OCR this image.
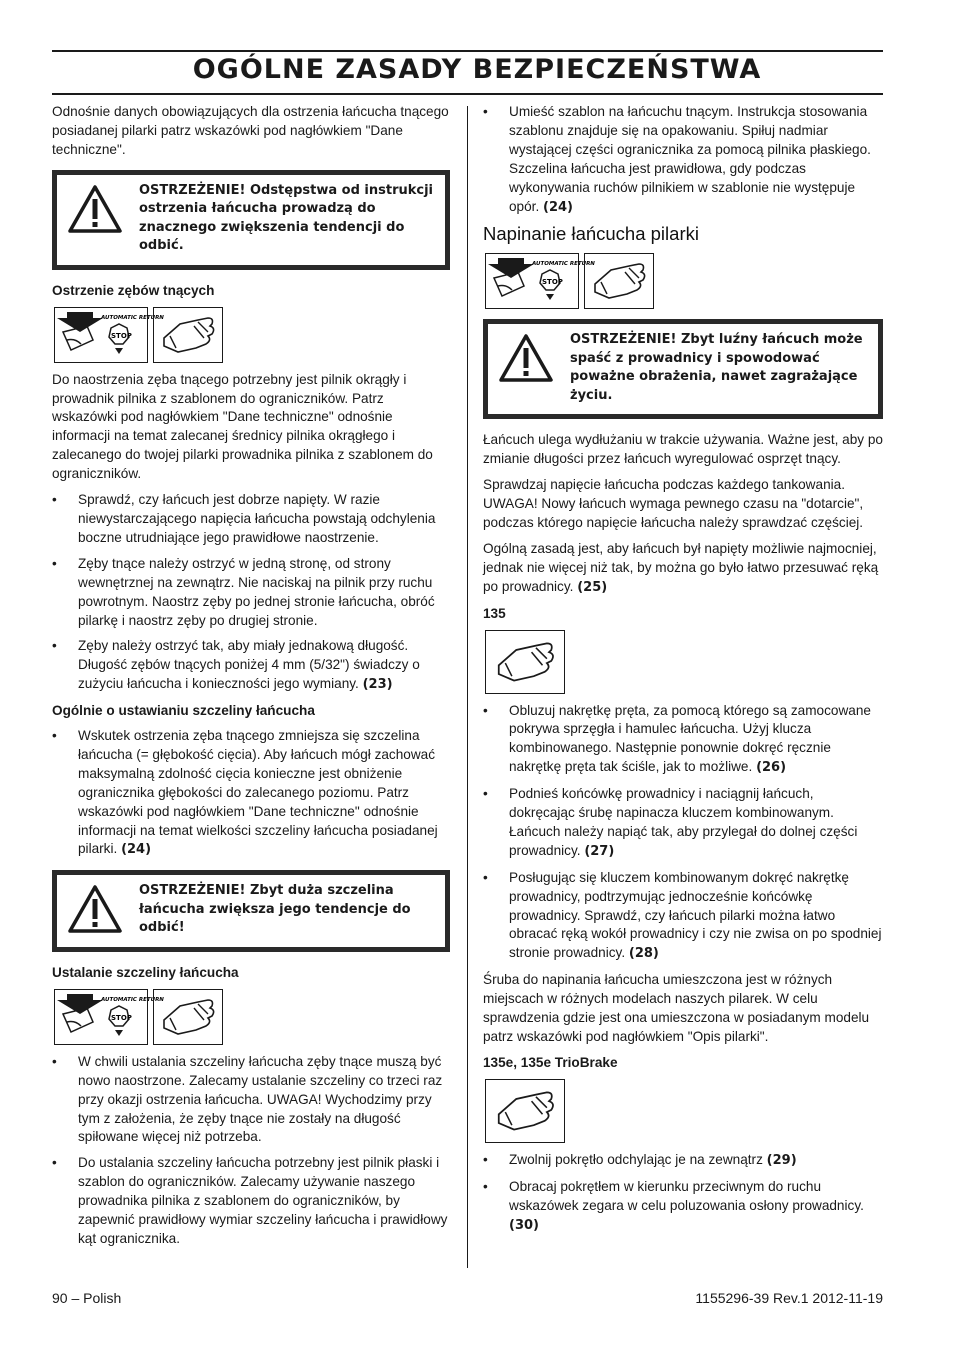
OGÓLNE ZASADY BEZPIECZEŃSTWA

Odnośnie danych obowiązujących dla ostrzenia łańcucha tnącego posiadanej pilarki patrz wskazówki pod nagłówkiem "Dane techniczne".

OSTRZEŻENIE! Odstępstwa od instrukcji ostrzenia łańcucha prowadzą do znacznego zwiększenia tendencji do odbić.
Ostrzenie zębów tnących
AUTOMATIC RETURN
STOP

Do naostrzenia zęba tnącego potrzebny jest pilnik okrągły i prowadnik pilnika z szablonem do ograniczników. Patrz wskazówki pod nagłówkiem "Dane techniczne" odnośnie informacji na temat zalecanej średnicy pilnika okrągłego i zalecanego do twojej pilarki prowadnika pilnika z szablonem do ograniczników.

• Sprawdź, czy łańcuch jest dobrze napięty. W razie niewystarczającego napięcia łańcucha powstają odchylenia boczne utrudniające jego prawidłowe naostrzenie.
• Zęby tnące należy ostrzyć w jedną stronę, od strony wewnętrznej na zewnątrz. Nie naciskaj na pilnik przy ruchu powrotnym. Naostrz zęby po jednej stronie łańcucha, obróć pilarkę i naostrz zęby po drugiej stronie.
• Zęby należy ostrzyć tak, aby miały jednakową długość. Długość zębów tnących poniżej 4 mm (5/32") świadczy o zużyciu łańcucha i konieczności jego wymiany. (23)
Ogólnie o ustawianiu szczeliny łańcucha
• Wskutek ostrzenia zęba tnącego zmniejsza się szczelina łańcucha (= głębokość cięcia). Aby łańcuch mógł zachować maksymalną zdolność cięcia konieczne jest obniżenie ogranicznika głębokości do zalecanego poziomu. Patrz wskazówki pod nagłówkiem "Dane techniczne" odnośnie informacji na temat wielkości szczeliny łańcucha posiadanej pilarki. (24)
OSTRZEŻENIE! Zbyt duża szczelina łańcucha zwiększa jego tendencje do odbić!
Ustalanie szczeliny łańcucha
AUTOMATIC RETURN
STOP
• W chwili ustalania szczeliny łańcucha zęby tnące muszą być nowo naostrzone. Zalecamy ustalanie szczeliny co trzeci raz przy okazji ostrzenia łańcucha. UWAGA! Wychodzimy przy tym z założenia, że zęby tnące nie zostały na długość spiłowane więcej niż potrzeba.
• Do ustalania szczeliny łańcucha potrzebny jest pilnik płaski i szablon do ograniczników. Zalecamy używanie naszego prowadnika pilnika z szablonem do ograniczników, by zapewnić prawidłowy wymiar szczeliny łańcucha i prawidłowy kąt ogranicznika.
• Umieść szablon na łańcuchu tnącym. Instrukcja stosowania szablonu znajduje się na opakowaniu. Spiłuj nadmiar wystającej części ogranicznika za pomocą pilnika płaskiego. Szczelina łańcucha jest prawidłowa, gdy podczas wykonywania ruchów pilnikiem w szablonie nie występuje opór. (24)
Napinanie łańcucha pilarki
AUTOMATIC RETURN
STOP
OSTRZEŻENIE! Zbyt luźny łańcuch może spaść z prowadnicy i spowodować poważne obrażenia, nawet zagrażające życiu.

Łańcuch ulega wydłużaniu w trakcie używania. Ważne jest, aby po zmianie długości przez łańcuch wyregulować osprzęt tnący.

Sprawdzaj napięcie łańcucha podczas każdego tankowania. UWAGA! Nowy łańcuch wymaga pewnego czasu na "dotarcie", podczas którego napięcie łańcucha należy sprawdzać częściej.

Ogólną zasadą jest, aby łańcuch był napięty możliwie najmocniej, jednak nie więcej niż tak, by można go było łatwo przesuwać ręką po prowadnicy. (25)

135
• Obluzuj nakrętkę pręta, za pomocą którego są zamocowane pokrywa sprzęgła i hamulec łańcucha. Użyj klucza kombinowanego. Następnie ponownie dokręć ręcznie nakrętkę pręta tak ściśle, jak to możliwe. (26)
• Podnieś końcówkę prowadnicy i naciągnij łańcuch, dokręcając śrubę napinacza kluczem kombinowanym. Łańcuch należy napiąć tak, aby przylegał do dolnej części prowadnicy. (27)
• Posługując się kluczem kombinowanym dokręć nakrętkę prowadnicy, podtrzymując jednocześnie końcówkę prowadnicy. Sprawdź, czy łańcuch pilarki można łatwo obracać ręką wokół prowadnicy i czy nie zwisa on po spodniej stronie prowadnicy. (28)

Śruba do napinania łańcucha umieszczona jest w różnych miejscach w różnych modelach naszych pilarek. W celu sprawdzenia gdzie jest ona umieszczona w posiadanym modelu patrz wskazówki pod nagłówkiem "Opis pilarki".

135e, 135e TrioBrake
• Zwolnij pokrętło odchylając je na zewnątrz (29)
• Obracaj pokrętłem w kierunku przeciwnym do ruchu wskazówek zegara w celu poluzowania osłony prowadnicy. (30)
90 – Polish	1155296-39 Rev.1 2012-11-19
